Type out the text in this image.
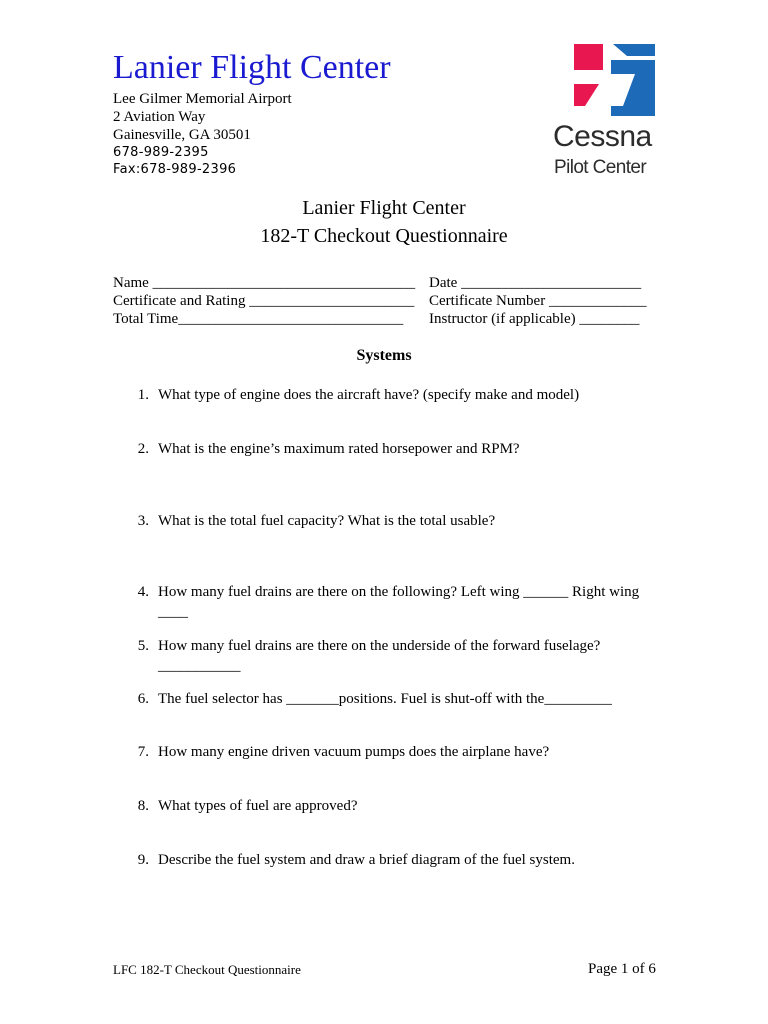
Lanier Flight Center
Lee Gilmer Memorial Airport
2 Aviation Way
Gainesville, GA 30501
678-989-2395
Fax:678-989-2396
Cessna
Pilot Center
Lanier Flight Center
182-T Checkout Questionnaire
Name ___________________________________ Date ________________________
Certificate and Rating ______________________ Certificate Number _____________
Total Time______________________________ Instructor (if applicable) ________
Systems
1. What type of engine does the aircraft have? (specify make and model)
2. What is the engine’s maximum rated horsepower and RPM?
3. What is the total fuel capacity? What is the total usable?
4. How many fuel drains are there on the following? Left wing ______ Right wing
____
5. How many fuel drains are there on the underside of the forward fuselage?
___________
6. The fuel selector has _______positions. Fuel is shut-off with the_________
7. How many engine driven vacuum pumps does the airplane have?
8. What types of fuel are approved?
9. Describe the fuel system and draw a brief diagram of the fuel system.
LFC 182-T Checkout Questionnaire	Page 1 of 6
